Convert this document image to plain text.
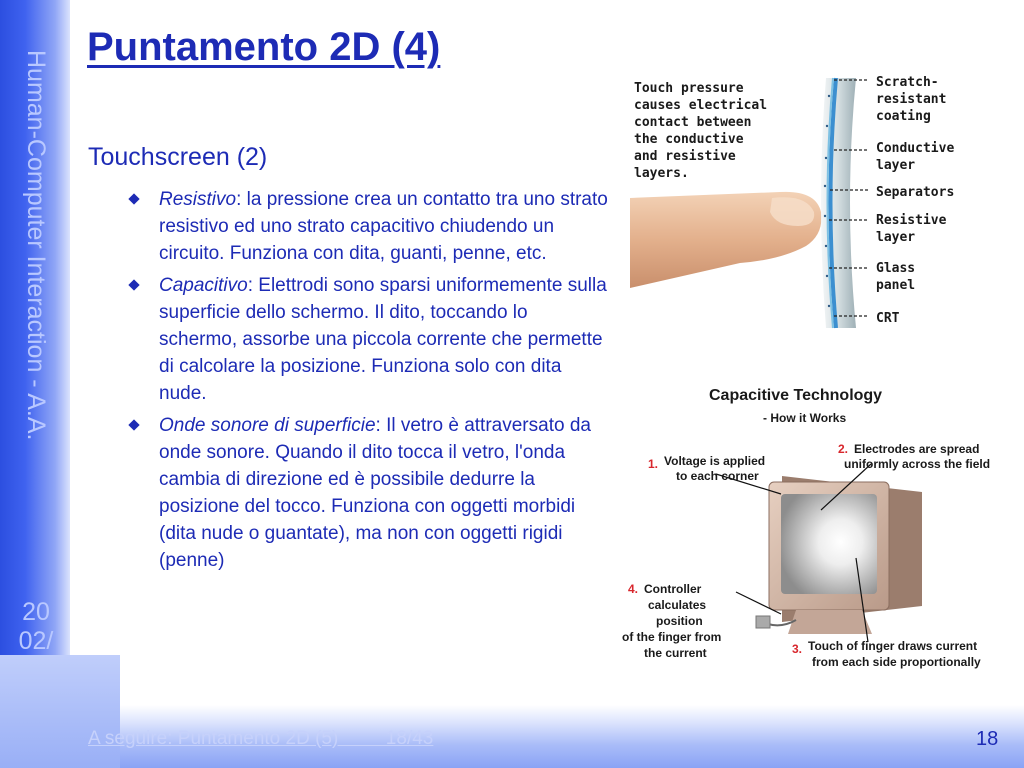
Human-Computer Interaction - A.A.
20
02/
Puntamento 2D (4)
Touchscreen (2)
Resistivo: la pressione crea un contatto tra uno strato resistivo ed uno strato capacitivo chiudendo un circuito. Funziona con dita, guanti, penne, etc.
Capacitivo: Elettrodi sono sparsi uniformemente sulla superficie dello schermo. Il dito, toccando lo schermo, assorbe una piccola corrente che permette di calcolare la posizione. Funziona solo con dita nude.
Onde sonore di superficie: Il vetro è attraversato da onde sonore. Quando il dito tocca il vetro, l'onda cambia di direzione ed è possibile dedurre la posizione del tocco. Funziona con oggetti morbidi (dita nude o guantate), ma non con oggetti rigidi (penne)
Touch pressure causes electrical contact between the conductive and resistive layers.
Scratch- resistant coating
Conductive layer
Separators
Resistive layer
Glass panel
CRT
Capacitive Technology
- How it Works
1. Voltage is applied to each corner
2. Electrodes are spread uniformly across the field
3. Touch of finger draws current from each side proportionally
4. Controller calculates position of the finger from the current
A seguire: Puntamento 2D (5)         18/43	18
